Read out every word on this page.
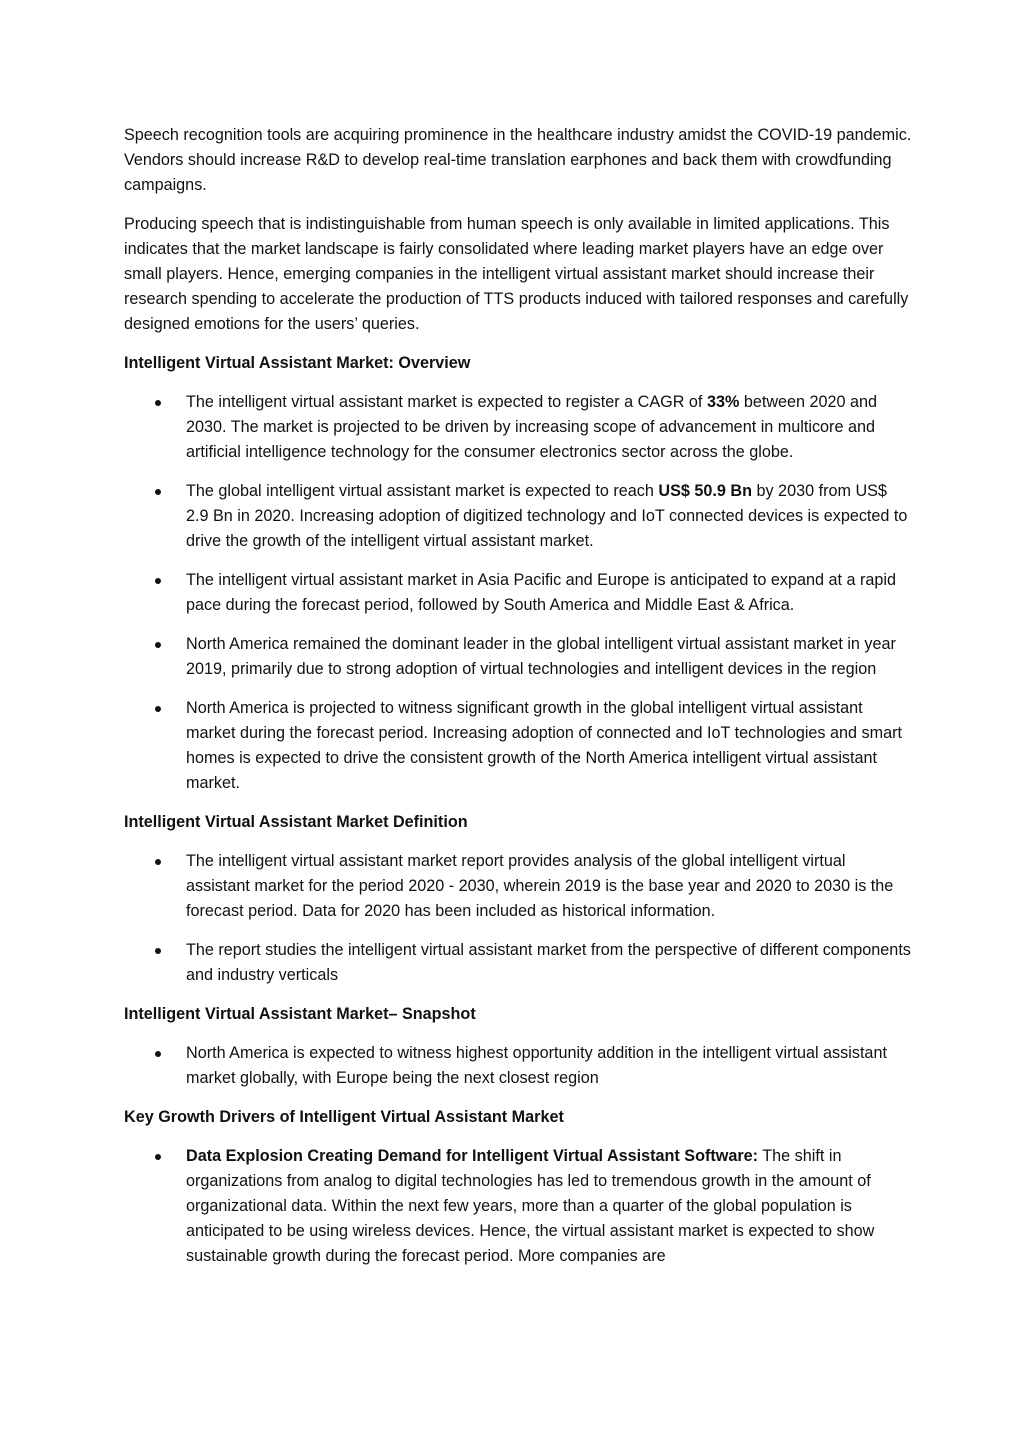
Speech recognition tools are acquiring prominence in the healthcare industry amidst the COVID-19 pandemic. Vendors should increase R&D to develop real-time translation earphones and back them with crowdfunding campaigns.

Producing speech that is indistinguishable from human speech is only available in limited applications. This indicates that the market landscape is fairly consolidated where leading market players have an edge over small players. Hence, emerging companies in the intelligent virtual assistant market should increase their research spending to accelerate the production of TTS products induced with tailored responses and carefully designed emotions for the users’ queries.

Intelligent Virtual Assistant Market: Overview
The intelligent virtual assistant market is expected to register a CAGR of 33% between 2020 and 2030. The market is projected to be driven by increasing scope of advancement in multicore and artificial intelligence technology for the consumer electronics sector across the globe.
The global intelligent virtual assistant market is expected to reach US$ 50.9 Bn by 2030 from US$ 2.9 Bn in 2020. Increasing adoption of digitized technology and IoT connected devices is expected to drive the growth of the intelligent virtual assistant market.
The intelligent virtual assistant market in Asia Pacific and Europe is anticipated to expand at a rapid pace during the forecast period, followed by South America and Middle East & Africa.
North America remained the dominant leader in the global intelligent virtual assistant market in year 2019, primarily due to strong adoption of virtual technologies and intelligent devices in the region
North America is projected to witness significant growth in the global intelligent virtual assistant market during the forecast period. Increasing adoption of connected and IoT technologies and smart homes is expected to drive the consistent growth of the North America intelligent virtual assistant market.
Intelligent Virtual Assistant Market Definition
The intelligent virtual assistant market report provides analysis of the global intelligent virtual assistant market for the period 2020 - 2030, wherein 2019 is the base year and 2020 to 2030 is the forecast period. Data for 2020 has been included as historical information.
The report studies the intelligent virtual assistant market from the perspective of different components and industry verticals
Intelligent Virtual Assistant Market– Snapshot
North America is expected to witness highest opportunity addition in the intelligent virtual assistant market globally, with Europe being the next closest region
Key Growth Drivers of Intelligent Virtual Assistant Market
Data Explosion Creating Demand for Intelligent Virtual Assistant Software: The shift in organizations from analog to digital technologies has led to tremendous growth in the amount of organizational data. Within the next few years, more than a quarter of the global population is anticipated to be using wireless devices. Hence, the virtual assistant market is expected to show sustainable growth during the forecast period. More companies are
